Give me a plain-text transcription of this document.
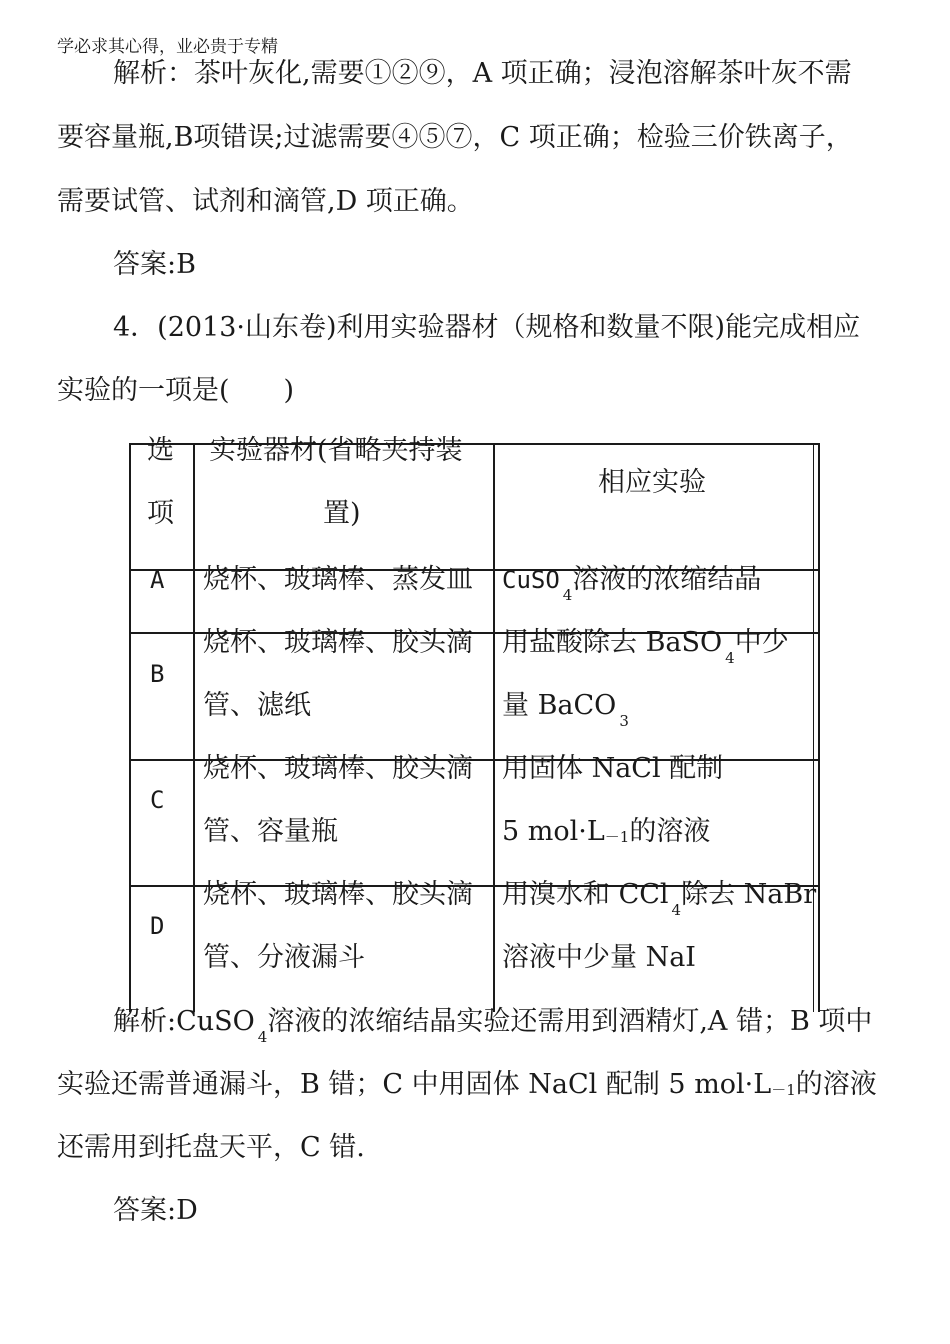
学必求其心得，业必贵于专精
解析：茶叶灰化,需要①②⑨，A 项正确；浸泡溶解茶叶灰不需
要容量瓶,B项错误;过滤需要④⑤⑦，C 项正确；检验三价铁离子，
需要试管、试剂和滴管,D 项正确。
答案:B
4．(2013·山东卷)利用实验器材（规格和数量不限)能完成相应
实验的一项是(　　)
选
项
实验器材(省略夹持装
置)
相应实验
A 烧杯、玻璃棒、蒸发皿 CuSO$_4$溶液的浓缩结晶
B
烧杯、玻璃棒、胶头滴
管、滤纸
用盐酸除去 BaSO $_4$中少
量 BaCO $_3$
C
烧杯、玻璃棒、胶头滴
管、容量瓶
用固体 NaCl 配制
5 mol·L－1的溶液
D
烧杯、玻璃棒、胶头滴
管、分液漏斗
用溴水和 CCl $_4$除去 NaBr
溶液中少量 NaI
解析:CuSO $_4$溶液的浓缩结晶实验还需用到酒精灯,A 错；B 项中
实验还需普通漏斗，B 错；C 中用固体 NaCl 配制 5 mol·L－1的溶液
还需用到托盘天平，C 错.
答案:D
